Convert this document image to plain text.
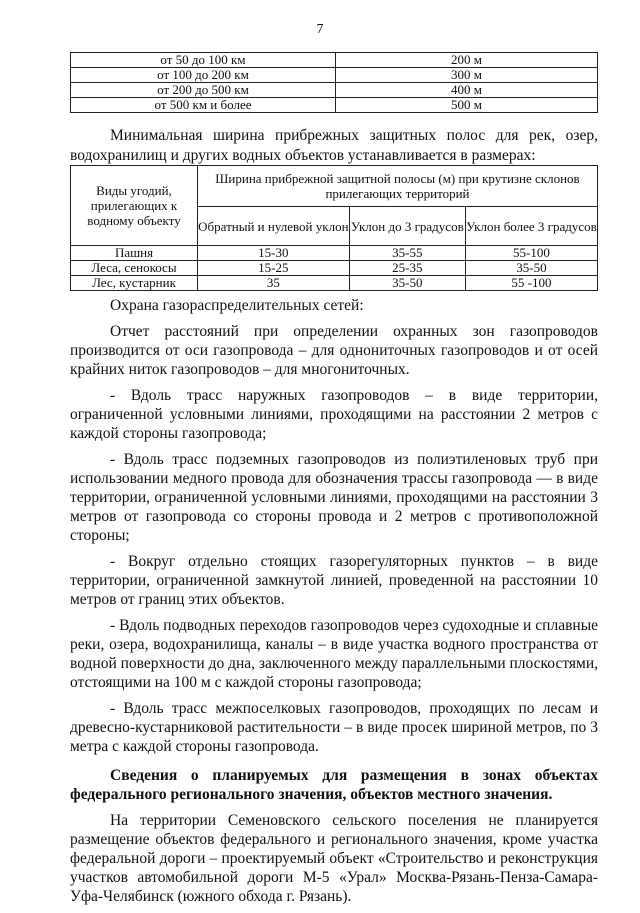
7
от 50 до 100 км	200 м
от 100 до 200 км	300 м
от 200 до 500 км	400 м
от 500 км и более	500 м
Минимальная ширина прибрежных защитных полос для рек, озер,
водохранилищ и других водных объектов устанавливается в размерах:
Виды угодий, прилегающих к водному объекту	Ширина прибрежной защитной полосы (м) при крутизне склонов прилегающих территорий		
	Обратный и нулевой уклон	Уклон до 3 градусов	Уклон более 3 градусов
Пашня	15-30	35-55	55-100
Леса, сенокосы	15-25	25-35	35-50
Лес, кустарник	35	35-50	55 -100

Охрана газораспределительных сетей:

Отчет расстояний при определении охранных зон газопроводов производится от оси газопровода – для однониточных газопроводов и от осей крайних ниток газопроводов – для многониточных.

- Вдоль трасс наружных газопроводов – в виде территории, ограниченной условными линиями, проходящими на расстоянии 2 метров с каждой стороны газопровода;

- Вдоль трасс подземных газопроводов из полиэтиленовых труб при использовании медного провода для обозначения трассы газопровода — в виде территории, ограниченной условными линиями, проходящими на расстоянии 3 метров от газопровода со стороны провода и 2 метров с противоположной стороны;

- Вокруг отдельно стоящих газорегуляторных пунктов – в виде территории, ограниченной замкнутой линией, проведенной на расстоянии 10 метров от границ этих объектов.

- Вдоль подводных переходов газопроводов через судоходные и сплавные реки, озера, водохранилища, каналы – в виде участка водного пространства от водной поверхности до дна, заключенного между параллельными плоскостями, отстоящими на 100 м с каждой стороны газопровода;

- Вдоль трасс межпоселковых газопроводов, проходящих по лесам и древесно-кустарниковой растительности – в виде просек шириной метров, по 3 метра с каждой стороны газопровода.

Сведения о планируемых для размещения в зонах объектах федерального регионального значения, объектов местного значения.

На территории Семеновского сельского поселения не планируется размещение объектов федерального и регионального значения, кроме участка федеральной дороги – проектируемый объект «Строительство и реконструкция участков автомобильной дороги М-5 «Урал» Москва-Рязань-Пенза-Самара-Уфа-Челябинск (южного обхода г. Рязань).
